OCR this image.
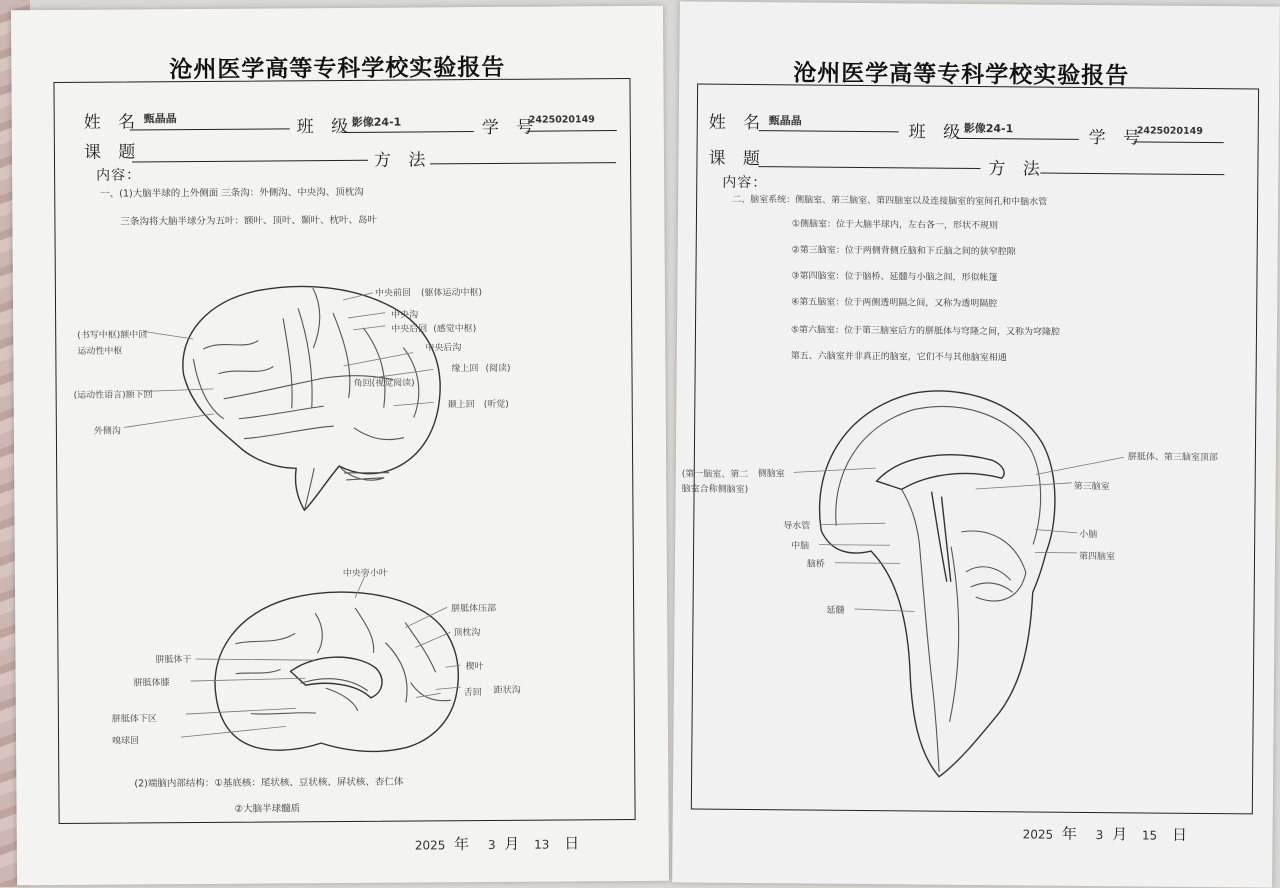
沧州医学高等专科学校实验报告
姓 名 甄晶晶	班 级
影像24-1	学 号
2425020149
课 题	方 法
内容：
一、(1)大脑半球的上外侧面 三条沟：外侧沟、中央沟、顶枕沟
三条沟将大脑半球分为五叶：额叶、顶叶、颞叶、枕叶、岛叶
中央前回 (躯体运动中枢)
中央沟
中央后回 (感觉中枢)
中央后沟
缘上回 (阅读)
角回 (视觉阅读)
颞上回 (听觉)
(书写中枢)额中回
运动性中枢
(运动性语言)额下回
外侧沟
中央旁小叶
胼胝体压部
顶枕沟
楔叶
距状沟
舌回
胼胝体干
胼胝体膝
胼胝体下区
嗅球回
(2)端脑内部结构：①基底核：尾状核、豆状核、屏状核、杏仁体
②大脑半球髓质
2025 年 3 月 13 日
沧州医学高等专科学校实验报告
姓 名 甄晶晶
班 级
影像24-1	学 号
2425020149
课 题
方 法
内容：
二、脑室系统：侧脑室、第三脑室、第四脑室以及连接脑室的室间孔和中脑水管
①侧脑室：位于大脑半球内，左右各一，形状不规则
②第三脑室：位于两侧背侧丘脑和下丘脑之间的狭窄腔隙
③第四脑室：位于脑桥、延髓与小脑之间，形似帐篷
④第五脑室：位于两侧透明隔之间，又称为透明隔腔
⑤第六脑室：位于第三脑室后方的胼胝体与穹隆之间，又称为穹隆腔
第五、六脑室并非真正的脑室，它们不与其他脑室相通
(第一脑室、第二脑室合称侧脑室)
侧脑室
胼胝体、第三脑室顶部
第三脑室
小脑
第四脑室
导水管
中脑
脑桥
延髓
2025 年 3 月 15 日
